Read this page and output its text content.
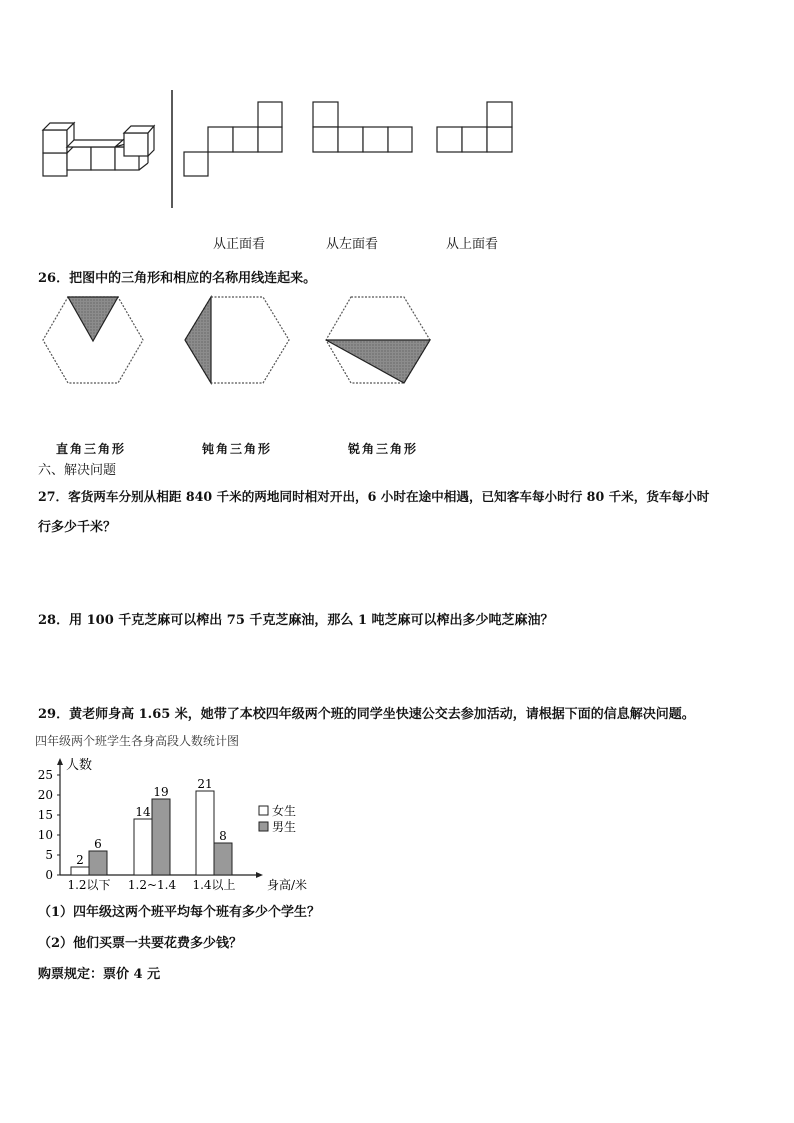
从正面看	从左面看	从上面看
26．把图中的三角形和相应的名称用线连起来。
直角三角形	钝角三角形	锐角三角形
六、解决问题
27．客货两车分别从相距 840 千米的两地同时相对开出，6 小时在途中相遇，已知客车每小时行 80 千米，货车每小时
行多少千米？
28．用 100 千克芝麻可以榨出 75 千克芝麻油，那么 1 吨芝麻可以榨出多少吨芝麻油？
29．黄老师身高 1.65 米，她带了本校四年级两个班的同学坐快速公交去参加活动，请根据下面的信息解决问题。
四年级两个班学生各身高段人数统计图
人数
身高/米
0
5
10
15
20
25
1.2以下
2
6
1.2~1.4
14
19
1.4以上
21
8
女生
男生
（1）四年级这两个班平均每个班有多少个学生？
（2）他们买票一共要花费多少钱？
购票规定：票价 4 元
